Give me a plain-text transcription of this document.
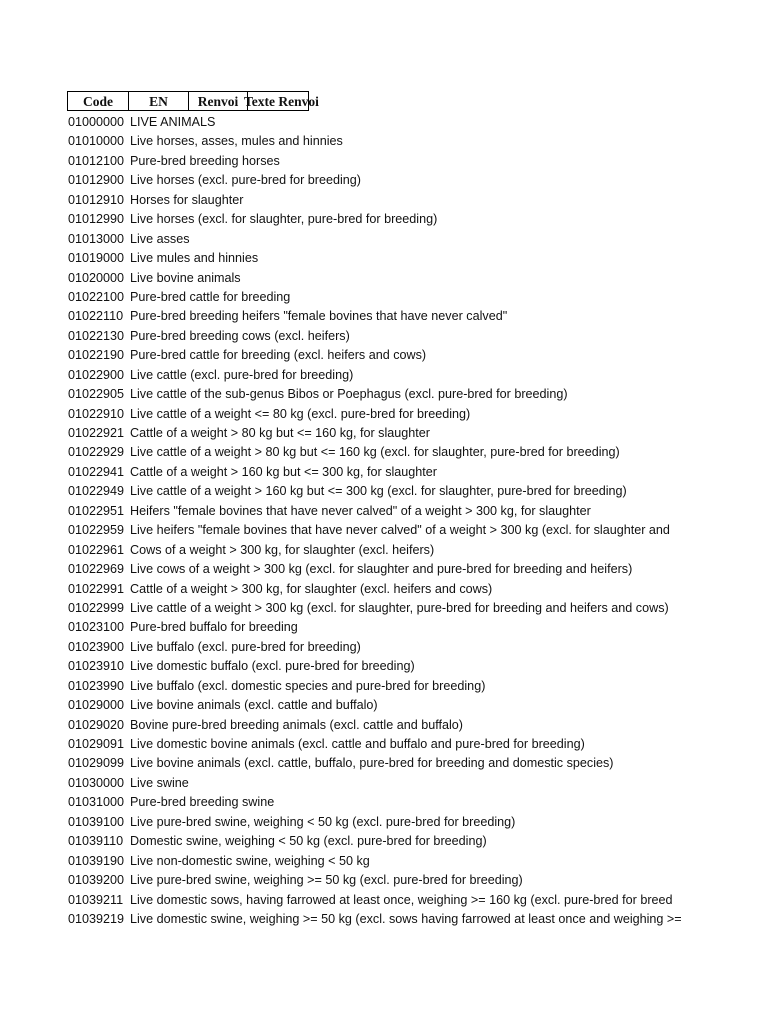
Code	EN	Renvoi Texte Renvoi
01000000 LIVE ANIMALS
01010000 Live horses, asses, mules and hinnies
01012100 Pure-bred breeding horses
01012900 Live horses (excl. pure-bred for breeding)
01012910 Horses for slaughter
01012990 Live horses (excl. for slaughter, pure-bred for breeding)
01013000 Live asses
01019000 Live mules and hinnies
01020000 Live bovine animals
01022100 Pure-bred cattle for breeding
01022110 Pure-bred breeding heifers "female bovines that have never calved"
01022130 Pure-bred breeding cows (excl. heifers)
01022190 Pure-bred cattle for breeding (excl. heifers and cows)
01022900 Live cattle (excl. pure-bred for breeding)
01022905 Live cattle of the sub-genus Bibos or Poephagus (excl. pure-bred for breeding)
01022910 Live cattle of a weight <= 80 kg (excl. pure-bred for breeding)
01022921 Cattle of a weight > 80 kg but <= 160 kg, for slaughter
01022929 Live cattle of a weight > 80 kg but <= 160 kg (excl. for slaughter, pure-bred for breeding)
01022941 Cattle of a weight > 160 kg but <= 300 kg, for slaughter
01022949 Live cattle of a weight > 160 kg but <= 300 kg (excl. for slaughter, pure-bred for breeding)
01022951 Heifers "female bovines that have never calved" of a weight > 300 kg, for slaughter
01022959 Live heifers "female bovines that have never calved" of a weight > 300 kg (excl. for slaughter and
01022961 Cows of a weight > 300 kg, for slaughter (excl. heifers)
01022969 Live cows of a weight > 300 kg (excl. for slaughter and pure-bred for breeding and heifers)
01022991 Cattle of a weight > 300 kg, for slaughter (excl. heifers and cows)
01022999 Live cattle of a weight > 300 kg (excl. for slaughter, pure-bred for breeding and heifers and cows)
01023100 Pure-bred buffalo for breeding
01023900 Live buffalo (excl. pure-bred for breeding)
01023910 Live domestic buffalo (excl. pure-bred for breeding)
01023990 Live buffalo (excl. domestic species and pure-bred for breeding)
01029000 Live bovine animals (excl. cattle and buffalo)
01029020 Bovine pure-bred breeding animals (excl. cattle and buffalo)
01029091 Live domestic bovine animals (excl. cattle and buffalo and pure-bred for breeding)
01029099 Live bovine animals (excl. cattle, buffalo, pure-bred for breeding and domestic species)
01030000 Live swine
01031000 Pure-bred breeding swine
01039100 Live pure-bred swine, weighing < 50 kg (excl. pure-bred for breeding)
01039110 Domestic swine, weighing < 50 kg (excl. pure-bred for breeding)
01039190 Live non-domestic swine, weighing < 50 kg
01039200 Live pure-bred swine, weighing >= 50 kg (excl. pure-bred for breeding)
01039211 Live domestic sows, having farrowed at least once, weighing >= 160 kg (excl. pure-bred for breed
01039219 Live domestic swine, weighing >= 50 kg (excl. sows having farrowed at least once and weighing >=
